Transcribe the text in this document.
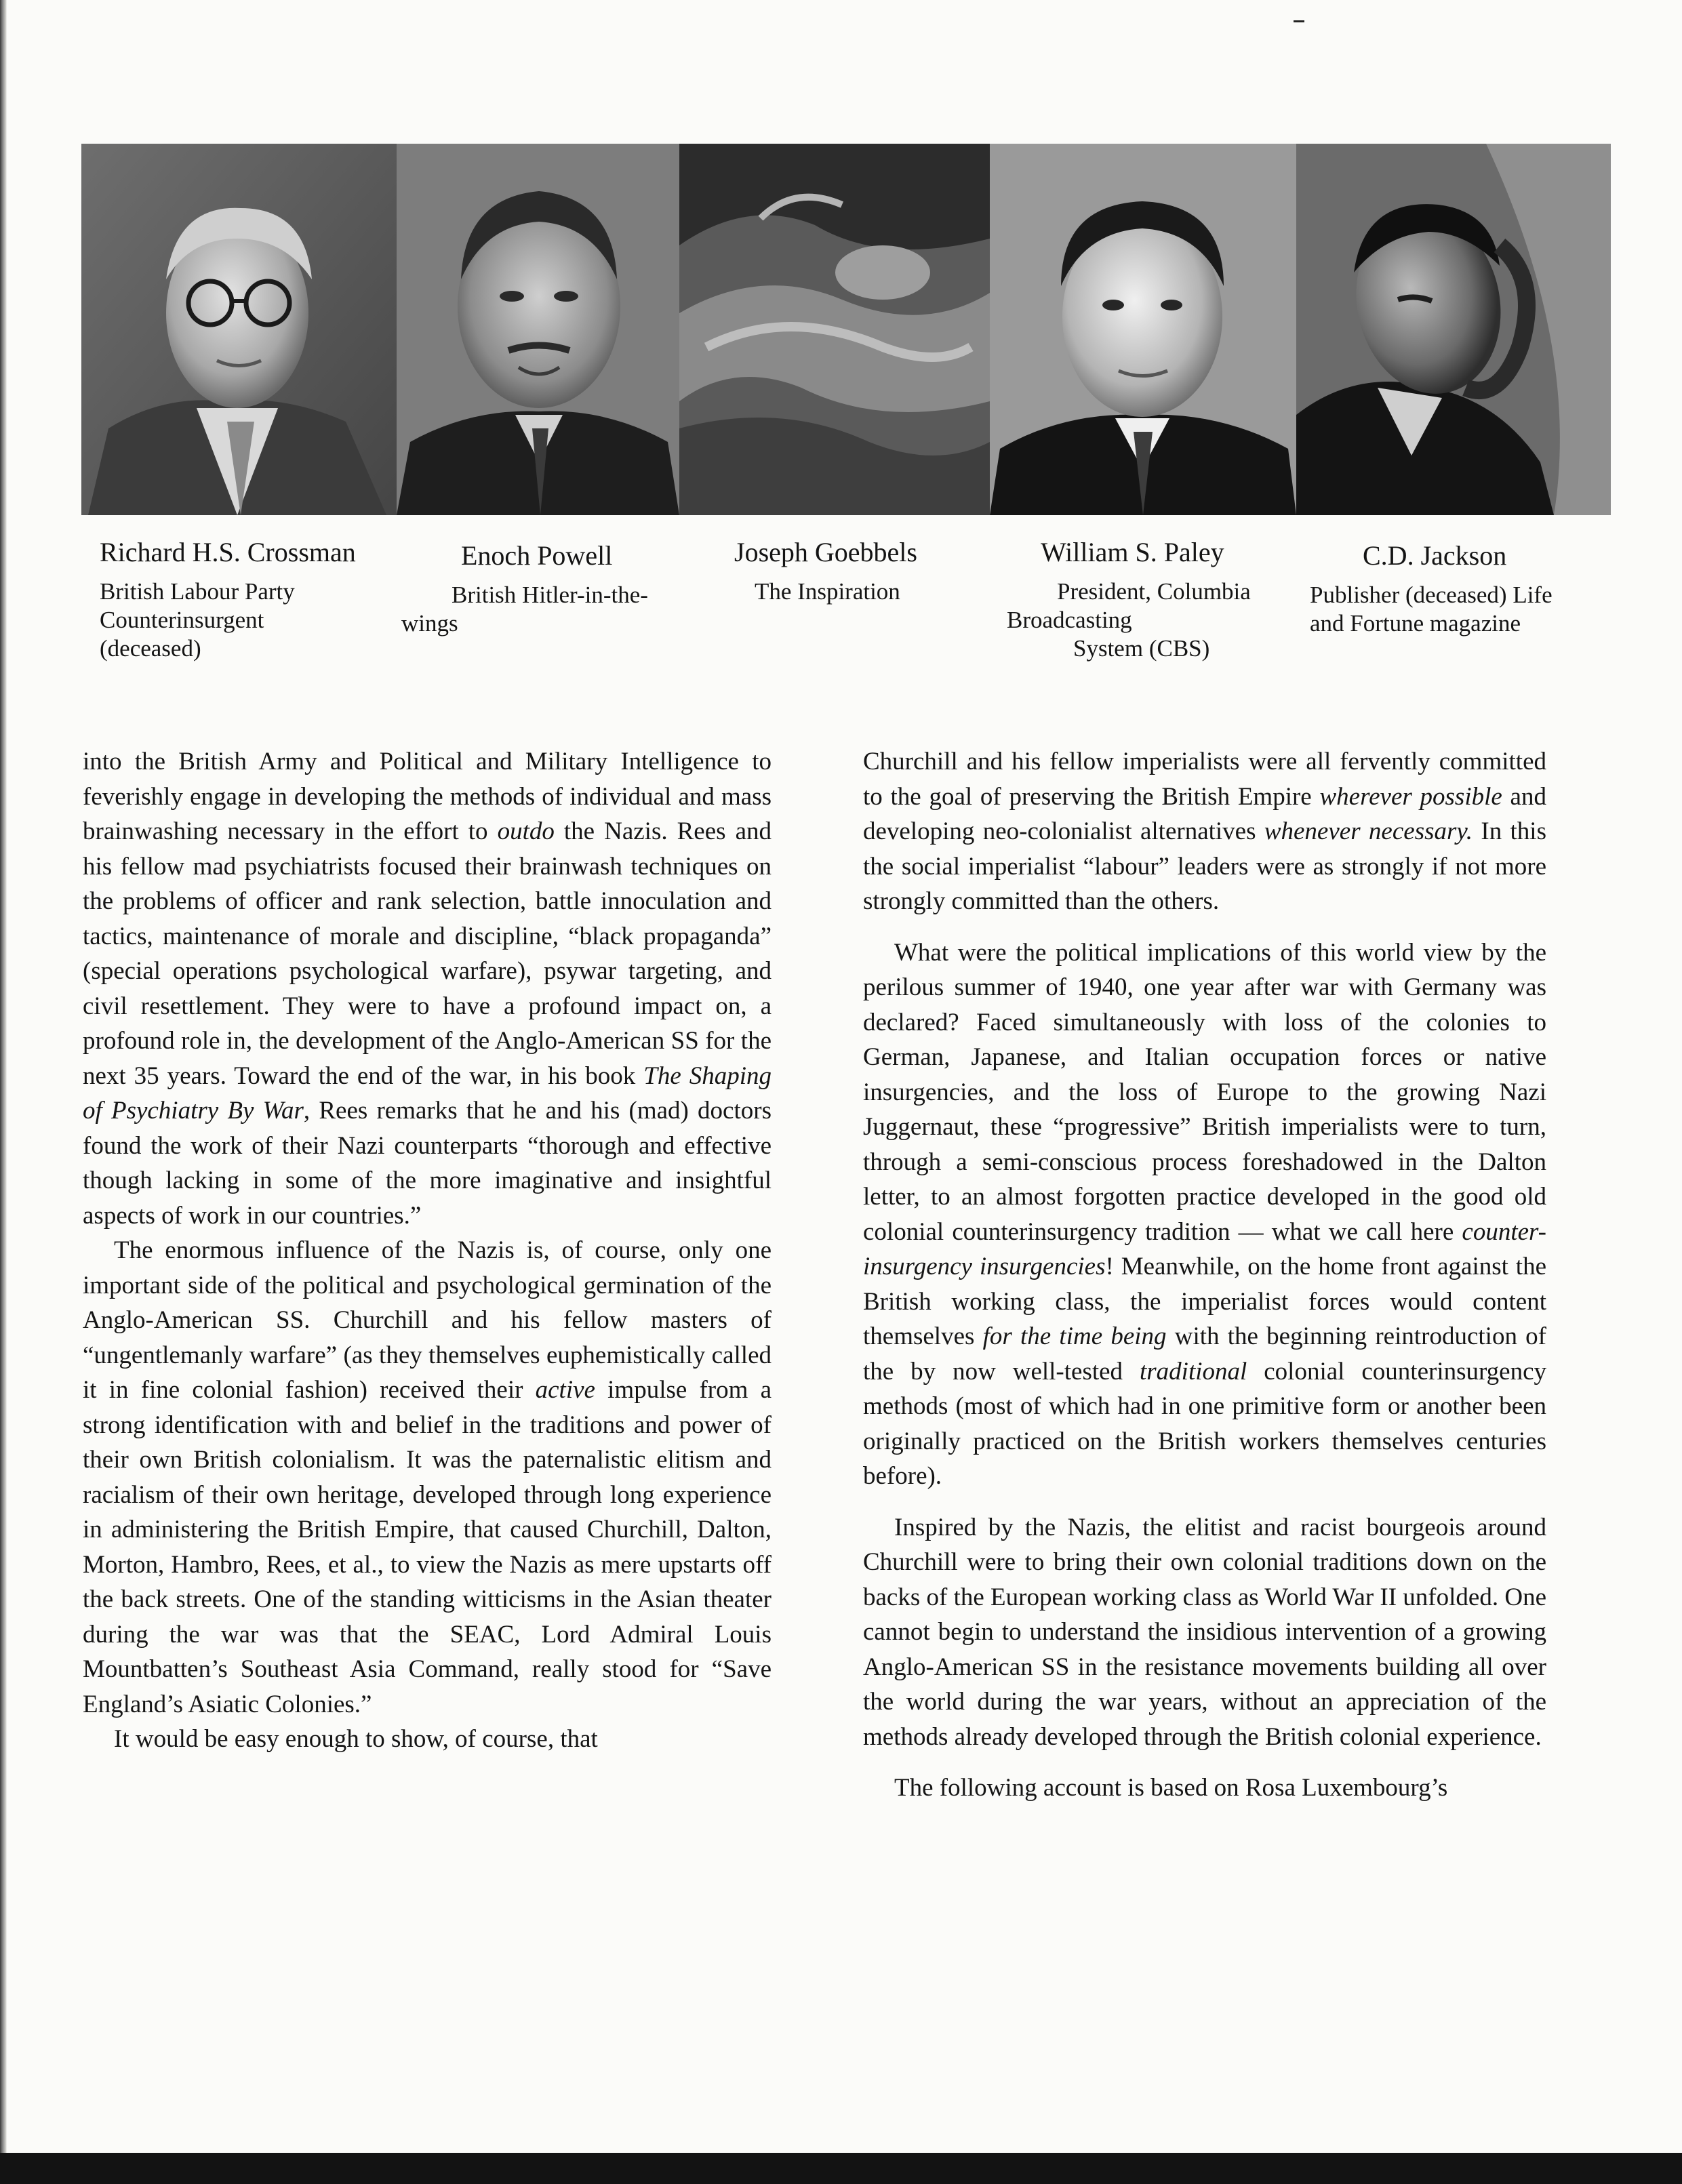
Richard H.S. Crossman
British Labour Party
Counterinsurgent
(deceased)
Enoch Powell
British Hitler-in-the-
wings
Joseph Goebbels
The Inspiration
William S. Paley
President, Columbia
Broadcasting
System (CBS)
C.D. Jackson
Publisher (deceased) Life
and Fortune magazine

into the British Army and Political and Military Intelligence to feverishly engage in developing the methods of individual and mass brainwashing necessary in the effort to outdo the Nazis. Rees and his fellow mad psychiatrists focused their brainwash techniques on the problems of officer and rank selection, battle innoculation and tactics, maintenance of morale and discipline, “black propaganda” (special operations psychological warfare), psywar targeting, and civil resettlement. They were to have a profound impact on, a profound role in, the development of the Anglo-American SS for the next 35 years. Toward the end of the war, in his book The Shaping of Psychiatry By War, Rees remarks that he and his (mad) doctors found the work of their Nazi counterparts “thorough and effective though lacking in some of the more imaginative and insightful aspects of work in our countries.”

The enormous influence of the Nazis is, of course, only one important side of the political and psychological germination of the Anglo-American SS. Churchill and his fellow masters of “ungentlemanly warfare” (as they themselves euphemistically called it in fine colonial fashion) received their active impulse from a strong identification with and belief in the traditions and power of their own British colonialism. It was the paternalistic elitism and racialism of their own heritage, developed through long experience in administering the British Empire, that caused Churchill, Dalton, Morton, Hambro, Rees, et al., to view the Nazis as mere upstarts off the back streets. One of the standing witticisms in the Asian theater during the war was that the SEAC, Lord Admiral Louis Mountbatten’s Southeast Asia Command, really stood for “Save England’s Asiatic Colonies.”

It would be easy enough to show, of course, that

Churchill and his fellow imperialists were all fervently committed to the goal of preserving the British Empire wherever possible and developing neo-colonialist alternatives whenever necessary. In this the social imperialist “labour” leaders were as strongly if not more strongly committed than the others.

What were the political implications of this world view by the perilous summer of 1940, one year after war with Germany was declared? Faced simultaneously with loss of the colonies to German, Japanese, and Italian occupation forces or native insurgencies, and the loss of Europe to the growing Nazi Juggernaut, these “progressive” British imperialists were to turn, through a semi-conscious process foreshadowed in the Dalton letter, to an almost forgotten practice developed in the good old colonial counterinsurgency tradition — what we call here counter-insurgency insurgencies! Meanwhile, on the home front against the British working class, the imperialist forces would content themselves for the time being with the beginning reintroduction of the by now well-tested traditional colonial counterinsurgency methods (most of which had in one primitive form or another been originally practiced on the British workers themselves centuries before).

Inspired by the Nazis, the elitist and racist bourgeois around Churchill were to bring their own colonial traditions down on the backs of the European working class as World War II unfolded. One cannot begin to understand the insidious intervention of a growing Anglo-American SS in the resistance movements building all over the world during the war years, without an appreciation of the methods already developed through the British colonial experience.

The following account is based on Rosa Luxembourg’s
